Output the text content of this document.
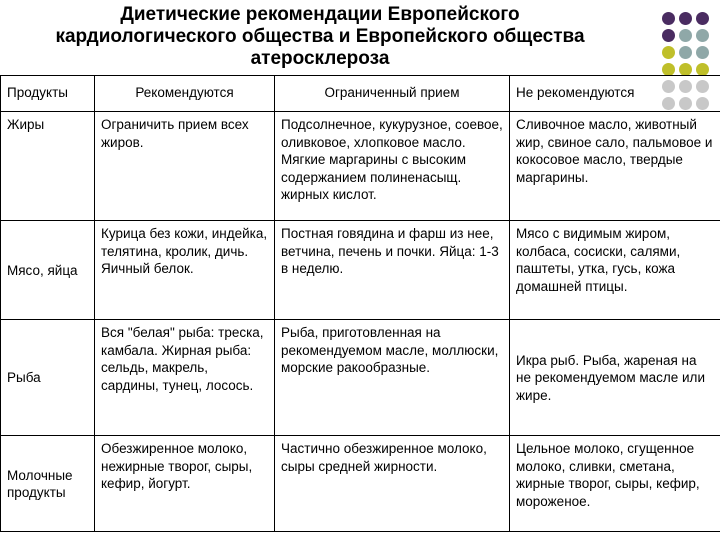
Диетические рекомендации Европейского кардиологического общества и Европейского общества атеросклероза
Продукты	Рекомендуются	Ограниченный прием	Не рекомендуются
Жиры	Ограничить прием всех жиров.	Подсолнечное, кукурузное, соевое, оливковое, хлопковое масло. Мягкие маргарины с высоким содержанием полиненасыщ. жирных кислот.	Сливочное масло, животный жир, свиное сало, пальмовое и кокосовое масло, твердые маргарины.
Мясо, яйца	Курица без кожи, индейка, телятина, кролик, дичь. Яичный белок.	Постная говядина и фарш из нее, ветчина, печень и почки. Яйца: 1-3 в неделю.	Мясо с видимым жиром, колбаса, сосиски, салями, паштеты, утка, гусь, кожа домашней птицы.
Рыба	Вся "белая" рыба: треска, камбала. Жирная рыба: сельдь, макрель, сардины, тунец, лосось.	Рыба, приготовленная на рекомендуемом масле, моллюски, морские ракообразные.	Икра рыб. Рыба, жареная на не рекомендуемом масле или жире.
Молочные продукты	Обезжиренное молоко, нежирные творог, сыры, кефир, йогурт.	Частично обезжиренное молоко, сыры средней жирности.	Цельное молоко, сгущенное молоко, сливки, сметана, жирные творог, сыры, кефир, мороженое.
